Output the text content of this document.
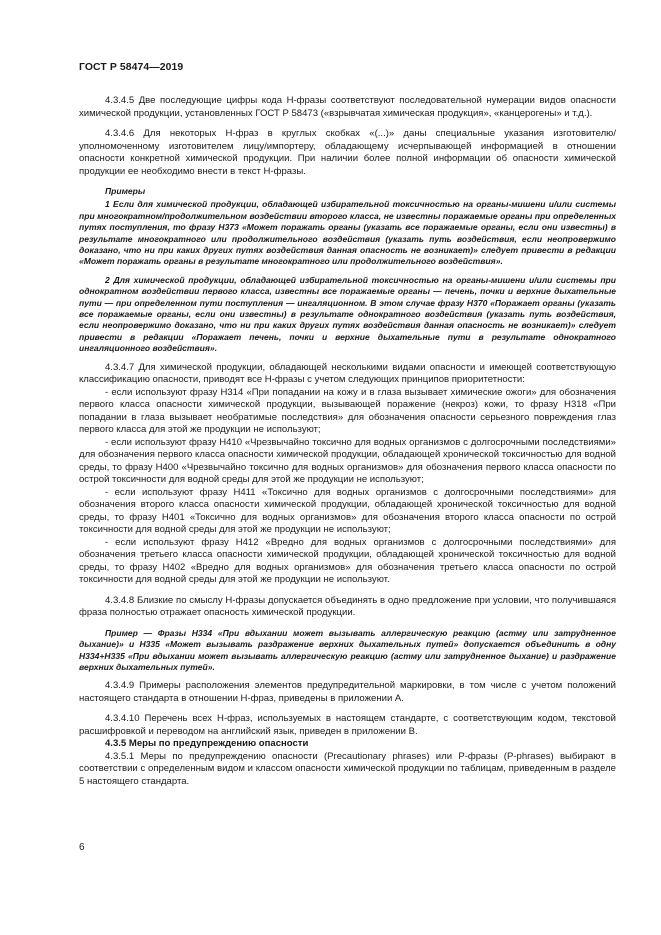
ГОСТ Р 58474—2019

4.3.4.5 Две последующие цифры кода Н-фразы соответствуют последовательной нумерации видов опасности химической продукции, установленных ГОСТ Р 58473 («взрывчатая химическая продукция», «канцерогены» и т.д.).

4.3.4.6 Для некоторых Н-фраз в круглых скобках «(...)» даны специальные указания изготовителю/уполномоченному изготовителем лицу/импортеру, обладающему исчерпывающей информацией в отношении опасности конкретной химической продукции. При наличии более полной информации об опасности химической продукции ее необходимо внести в текст Н-фразы.

Примеры
1 Если для химической продукции, обладающей избирательной токсичностью на органы-мишени и/или системы при многократном/продолжительном воздействии второго класса, не известны поражаемые органы при определенных путях поступления, то фразу Н373 «Может поражать органы (указать все поражаемые органы, если они известны) в результате многократного или продолжительного воздействия (указать путь воздействия, если неопровержимо доказано, что ни при каких других путях воздействия данная опасность не возникает)» следует привести в редакции «Может поражать органы в результате многократного или продолжительного воздействия».
2 Для химической продукции, обладающей избирательной токсичностью на органы-мишени и/или системы при однократном воздействии первого класса, известны все поражаемые органы — печень, почки и верхние дыхательные пути — при определенном пути поступления — ингаляционном. В этом случае фразу Н370 «Поражает органы (указать все поражаемые органы, если они известны) в результате однократного воздействия (указать путь воздействия, если неопровержимо доказано, что ни при каких других путях воздействия данная опасность не возникает)» следует привести в редакции «Поражает печень, почки и верхние дыхательные пути в результате однократного ингаляционного воздействия».

4.3.4.7 Для химической продукции, обладающей несколькими видами опасности и имеющей соответствующую классификацию опасности, приводят все Н-фразы с учетом следующих принципов приоритетности:

- если используют фразу Н314 «При попадании на кожу и в глаза вызывает химические ожоги» для обозначения первого класса опасности химической продукции, вызывающей поражение (некроз) кожи, то фразу Н318 «При попадании в глаза вызывает необратимые последствия» для обозначения опасности серьезного повреждения глаз первого класса для этой же продукции не используют;

- если используют фразу Н410 «Чрезвычайно токсично для водных организмов с долгосрочными последствиями» для обозначения первого класса опасности химической продукции, обладающей хронической токсичностью для водной среды, то фразу Н400 «Чрезвычайно токсично для водных организмов» для обозначения первого класса опасности по острой токсичности для водной среды для этой же продукции не используют;

- если используют фразу Н411 «Токсично для водных организмов с долгосрочными последствиями» для обозначения второго класса опасности химической продукции, обладающей хронической токсичностью для водной среды, то фразу Н401 «Токсично для водных организмов» для обозначения второго класса опасности по острой токсичности для водной среды для этой же продукции не используют;

- если используют фразу Н412 «Вредно для водных организмов с долгосрочными последствиями» для обозначения третьего класса опасности химической продукции, обладающей хронической токсичностью для водной среды, то фразу Н402 «Вредно для водных организмов» для обозначения третьего класса опасности по острой токсичности для водной среды для этой же продукции не используют.

4.3.4.8 Близкие по смыслу Н-фразы допускается объединять в одно предложение при условии, что получившаяся фраза полностью отражает опасность химической продукции.

Пример — Фразы Н334 «При вдыхании может вызывать аллергическую реакцию (астму или затрудненное дыхание)» и Н335 «Может вызывать раздражение верхних дыхательных путей» допускается объединить в одну Н334+Н335 «При вдыхании может вызывать аллергическую реакцию (астму или затрудненное дыхание) и раздражение верхних дыхательных путей».

4.3.4.9 Примеры расположения элементов предупредительной маркировки, в том числе с учетом положений настоящего стандарта в отношении Н-фраз, приведены в приложении А.

4.3.4.10 Перечень всех Н-фраз, используемых в настоящем стандарте, с соответствующим кодом, текстовой расшифровкой и переводом на английский язык, приведен в приложении В.

4.3.5 Меры по предупреждению опасности

4.3.5.1 Меры по предупреждению опасности (Precautionary phrases) или Р-фразы (P-phrases) выбирают в соответствии с определенным видом и классом опасности химической продукции по таблицам, приведенным в разделе 5 настоящего стандарта.

6
